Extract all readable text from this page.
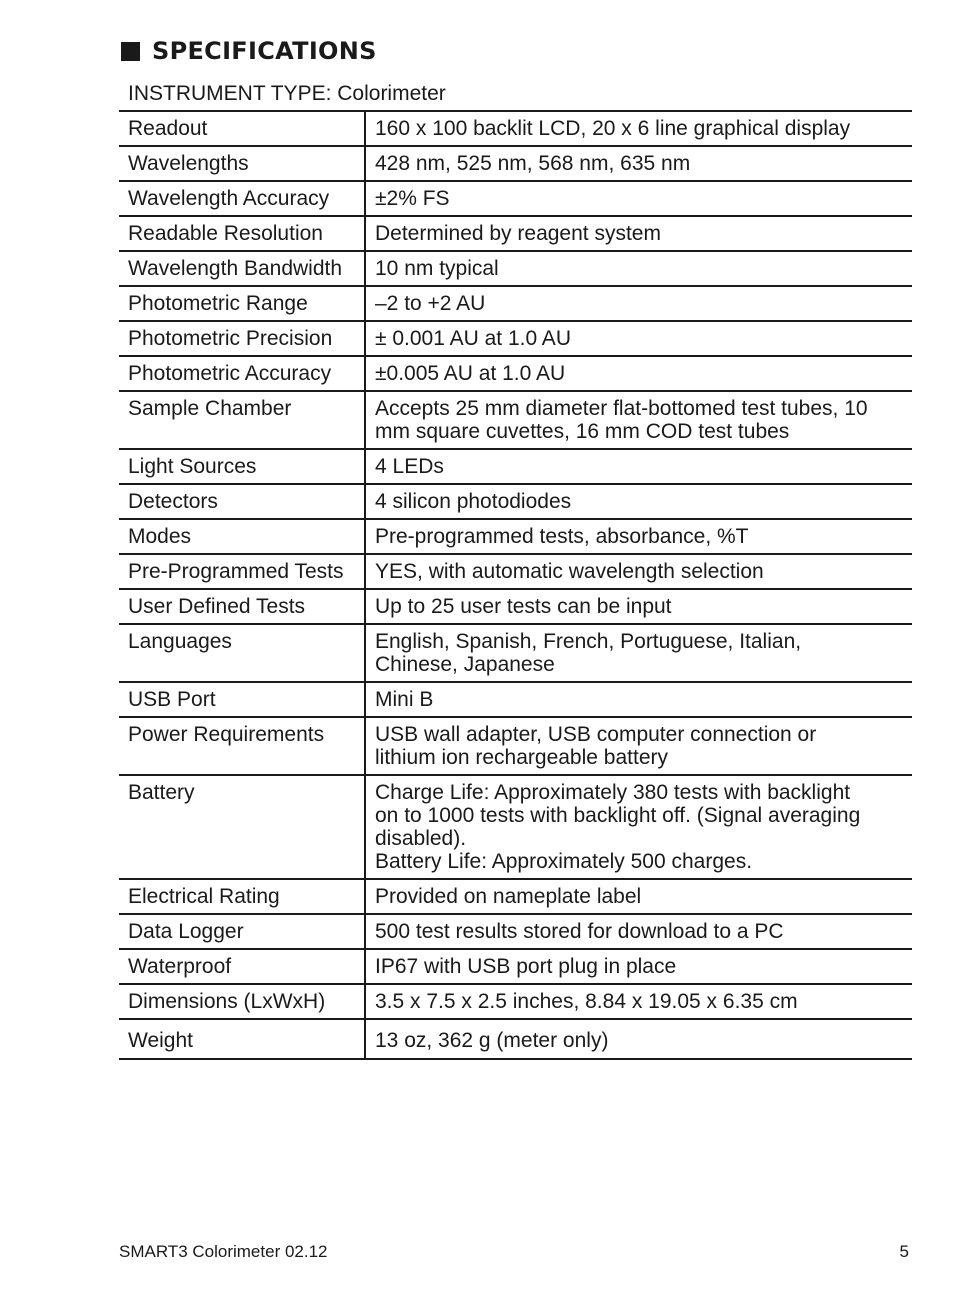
SPECIFICATIONS
INSTRUMENT TYPE: Colorimeter
Readout	160 x 100 backlit LCD, 20 x 6 line graphical display
Wavelengths	428 nm, 525 nm, 568 nm, 635 nm
Wavelength Accuracy	±2% FS
Readable Resolution	Determined by reagent system
Wavelength Bandwidth	10 nm typical
Photometric Range	–2 to +2 AU
Photometric Precision	± 0.001 AU at 1.0 AU
Photometric Accuracy	±0.005 AU at 1.0 AU
Sample Chamber	Accepts 25 mm diameter flat-bottomed test tubes, 10 mm square cuvettes, 16 mm COD test tubes
Light Sources	4 LEDs
Detectors	4 silicon photodiodes
Modes	Pre-programmed tests, absorbance, %T
Pre-Programmed Tests	YES, with automatic wavelength selection
User Defined Tests	Up to 25 user tests can be input
Languages	English, Spanish, French, Portuguese, Italian,
Chinese, Japanese
USB Port	Mini B
Power Requirements	USB wall adapter, USB computer connection or
lithium ion rechargeable battery
Battery	Charge Life: Approximately 380 tests with backlight
on to 1000 tests with backlight off. (Signal averaging
disabled).
Battery Life: Approximately 500 charges.
Electrical Rating	Provided on nameplate label
Data Logger	500 test results stored for download to a PC
Waterproof	IP67 with USB port plug in place
Dimensions (LxWxH)	3.5 x 7.5 x 2.5 inches, 8.84 x 19.05 x 6.35 cm
Weight	13 oz, 362 g (meter only)
SMART3 Colorimeter 02.12	5
